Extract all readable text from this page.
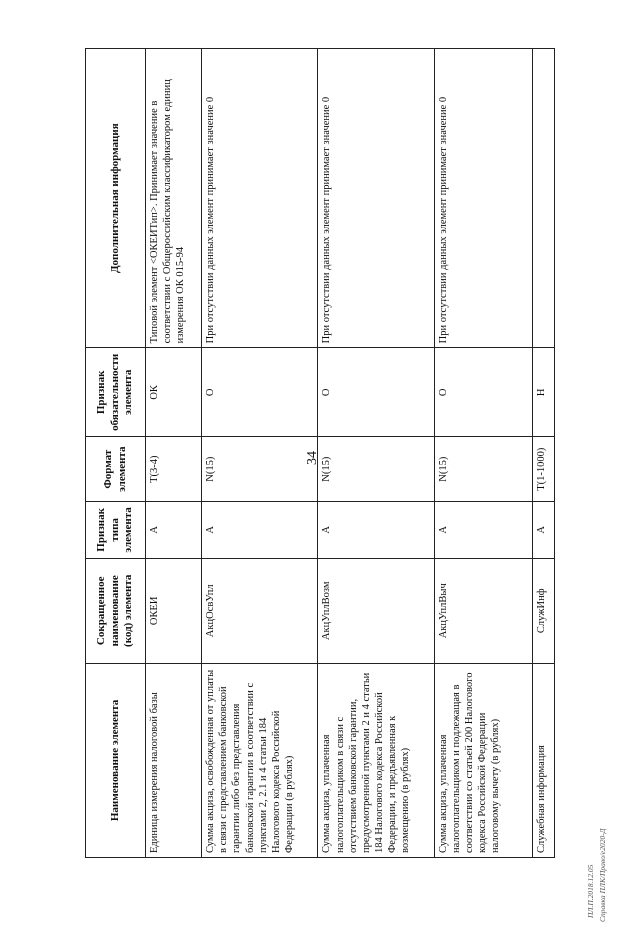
34
Наименование элемента	Сокращенное наименование (код) элемента	Признак типа элемента	Формат элемента	Признак обязательности элемента	Дополнительная информация
Единица измерения налоговой базы	ОКЕИ	А	Т(3-4)	ОК	Типовой элемент <ОКЕИТип>. Принимает значение в соответствии с Общероссийским классификатором единиц измерения ОК 015-94
Сумма акциза, освобожденная от уплаты в связи с представлением банковской гарантии либо без представления банковской гарантии в соответствии с пунктами 2, 2.1 и 4 статьи 184 Налогового кодекса Российской Федерации (в рублях)	АкцОсвУпл	А	N(15)	О	При отсутствии данных элемент принимает значение 0
Сумма акциза, уплаченная налогоплательщиком в связи с отсутствием банковской гарантии, предусмотренной пунктами 2 и 4 статьи 184 Налогового кодекса Российской Федерации, и предъявленная к возмещению (в рублях)	АкцУплВозм	А	N(15)	О	При отсутствии данных элемент принимает значение 0
Сумма акциза, уплаченная налогоплательщиком и подлежащая в соответствии со статьей 200 Налогового кодекса Российской Федерации налоговому вычету (в рублях)	АкцУплВыч	А	N(15)	О	При отсутствии данных элемент принимает значение 0
Служебная информация	СлужИнф	А	Т(1-1000)	Н	
ПЛ.П.2018.12.05 Справка ПЛК/Право/e2020-Д
